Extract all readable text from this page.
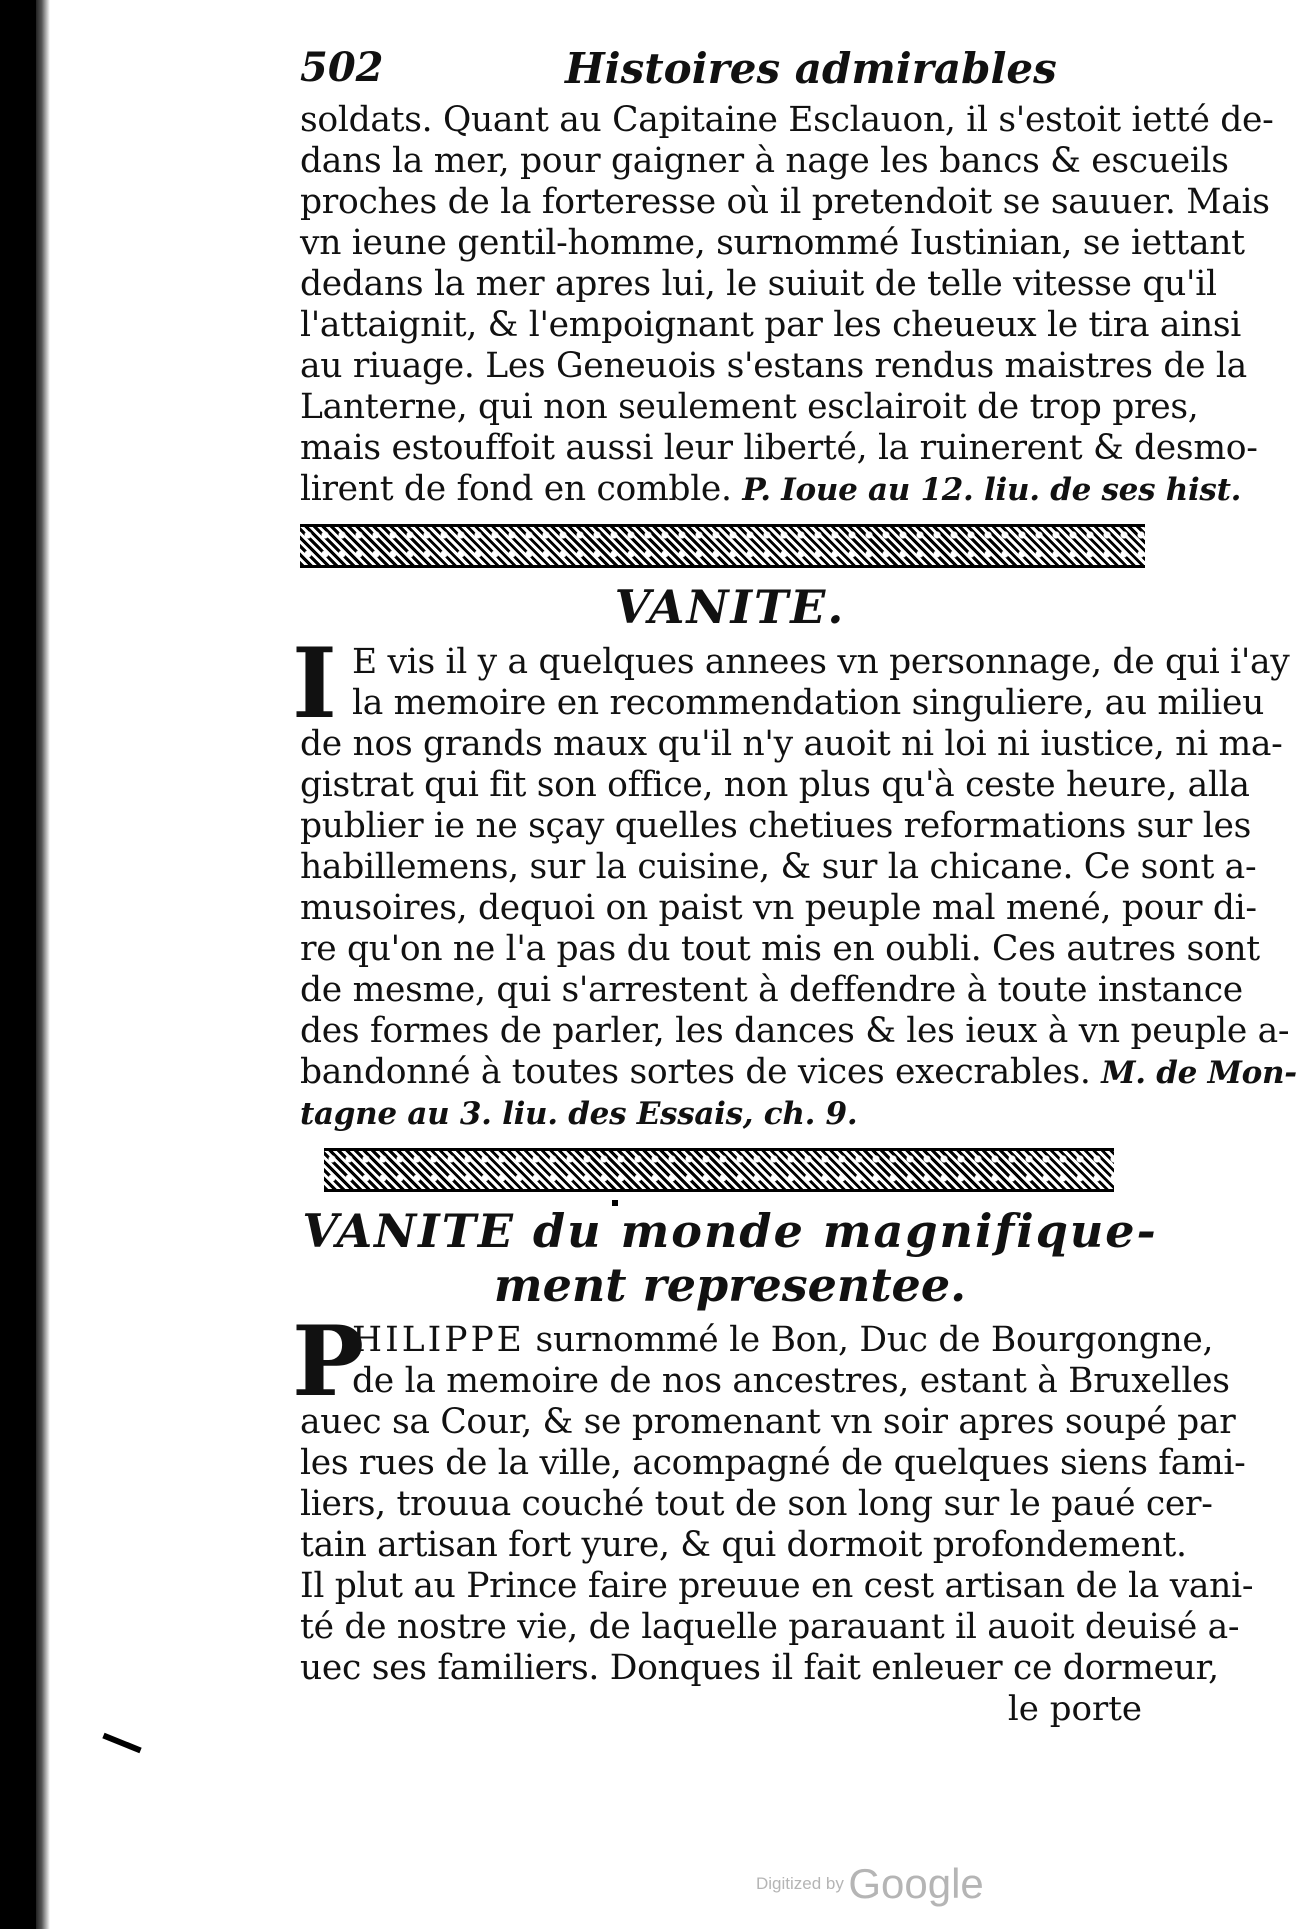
502	Histoires admirables
soldats. Quant au Capitaine Esclauon, il s'estoit ietté de-
dans la mer, pour gaigner à nage les bancs & escueils
proches de la forteresse où il pretendoit se sauuer. Mais
vn ieune gentil-homme, surnommé Iustinian, se iettant
dedans la mer apres lui, le suiuit de telle vitesse qu'il
l'attaignit, & l'empoignant par les cheueux le tira ainsi
au riuage. Les Geneuois s'estans rendus maistres de la
Lanterne, qui non seulement esclairoit de trop pres,
mais estouffoit aussi leur liberté, la ruinerent & desmo-
lirent de fond en comble. P. Ioue au 12. liu. de ses hist.
VANITE.
I E vis il y a quelques annees vn personnage, de qui i'ay
la memoire en recommendation singuliere, au milieu
de nos grands maux qu'il n'y auoit ni loi ni iustice, ni ma-
gistrat qui fit son office, non plus qu'à ceste heure, alla
publier ie ne sçay quelles chetiues reformations sur les
habillemens, sur la cuisine, & sur la chicane. Ce sont a-
musoires, dequoi on paist vn peuple mal mené, pour di-
re qu'on ne l'a pas du tout mis en oubli. Ces autres sont
de mesme, qui s'arrestent à deffendre à toute instance
des formes de parler, les dances & les ieux à vn peuple a-
bandonné à toutes sortes de vices execrables. M. de Mon-
tagne au 3. liu. des Essais, ch. 9.
VANITE du monde magnifique-
ment representee.
P
HILIPPE surnommé le Bon, Duc de Bourgongne,
de la memoire de nos ancestres, estant à Bruxelles
auec sa Cour, & se promenant vn soir apres soupé par
les rues de la ville, acompagné de quelques siens fami-
liers, trouua couché tout de son long sur le paué cer-
tain artisan fort yure, & qui dormoit profondement.
Il plut au Prince faire preuue en cest artisan de la vani-
té de nostre vie, de laquelle parauant il auoit deuisé a-
uec ses familiers. Donques il fait enleuer ce dormeur,
le porte
Digitized by Google
